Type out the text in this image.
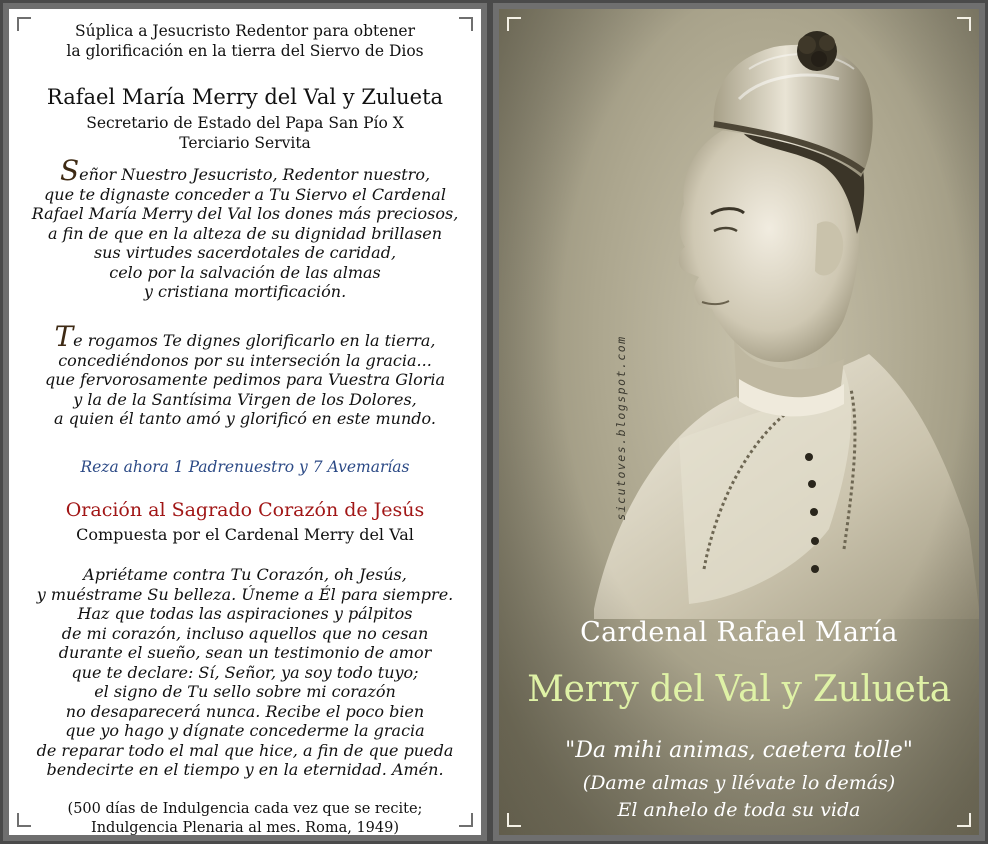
Súplica a Jesucristo Redentor para obtener
la glorificación en la tierra del Siervo de Dios
Rafael María Merry del Val y Zulueta
Secretario de Estado del Papa San Pío X
Terciario Servita
Señor Nuestro Jesucristo, Redentor nuestro,
que te dignaste conceder a Tu Siervo el Cardenal
Rafael María Merry del Val los dones más preciosos,
a fin de que en la alteza de su dignidad brillasen
sus virtudes sacerdotales de caridad,
celo por la salvación de las almas
y cristiana mortificación.
Te rogamos Te dignes glorificarlo en la tierra,
concediéndonos por su interseción la gracia...
que fervorosamente pedimos para Vuestra Gloria
y la de la Santísima Virgen de los Dolores,
a quien él tanto amó y glorificó en este mundo.
Reza ahora 1 Padrenuestro y 7 Avemarías
Oración al Sagrado Corazón de Jesús
Compuesta por el Cardenal Merry del Val
Apriétame contra Tu Corazón, oh Jesús,
y muéstrame Su belleza. Úneme a Él para siempre.
Haz que todas las aspiraciones y pálpitos
de mi corazón, incluso aquellos que no cesan
durante el sueño, sean un testimonio de amor
que te declare: Sí, Señor, ya soy todo tuyo;
el signo de Tu sello sobre mi corazón
no desaparecerá nunca. Recibe el poco bien
que yo hago y dígnate concederme la gracia
de reparar todo el mal que hice, a fin de que pueda
bendecirte en el tiempo y en la eternidad. Amén.
(500 días de Indulgencia cada vez que se recite;
Indulgencia Plenaria al mes. Roma, 1949)
sicutoves.blogspot.com
Cardenal Rafael María
Merry del Val y Zulueta
"Da mihi animas, caetera tolle"
(Dame almas y llévate lo demás)
El anhelo de toda su vida
